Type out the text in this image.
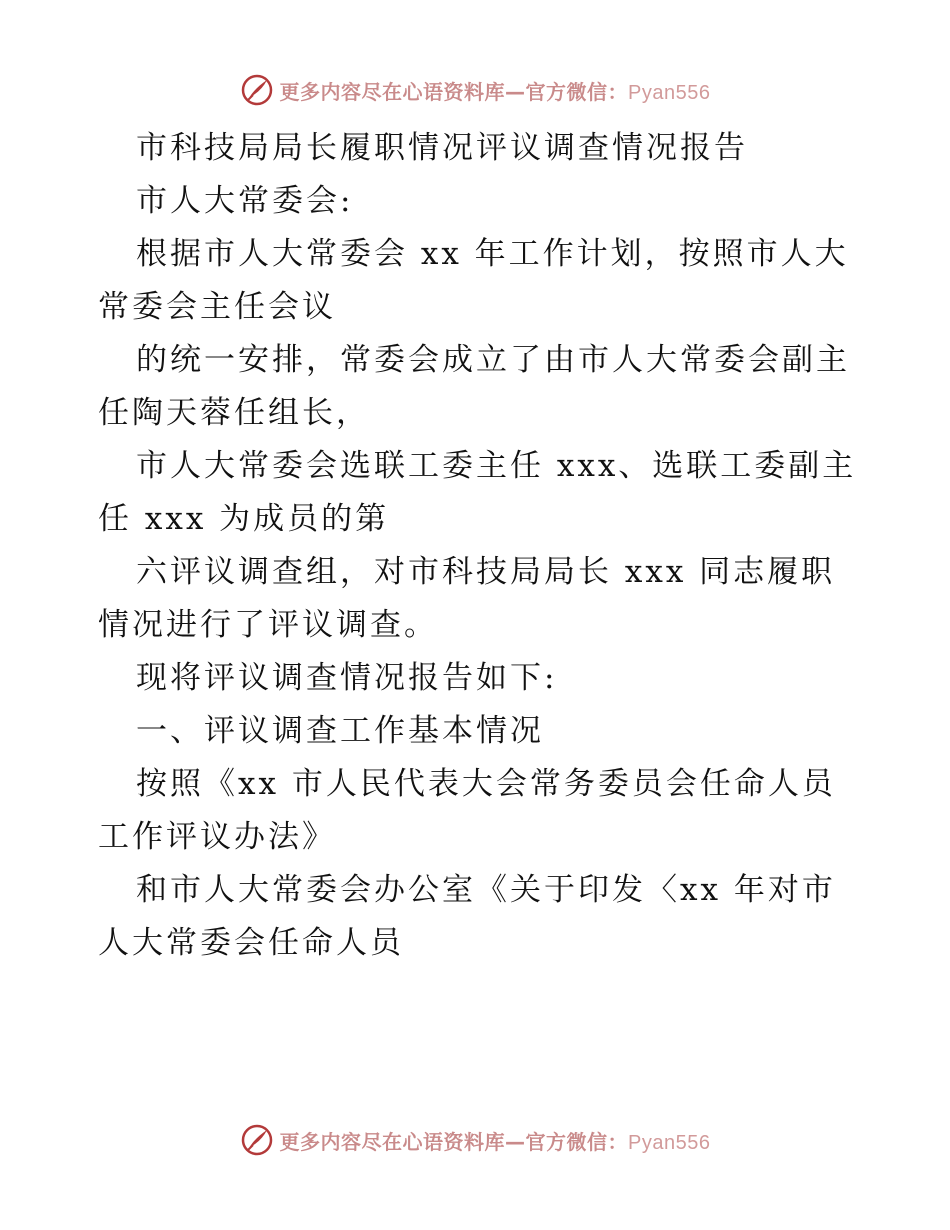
更多内容尽在心语资料库—官方微信：Pyan556

市科技局局长履职情况评议调查情况报告

市人大常委会:

根据市人大常委会 xx 年工作计划，按照市人大常委会主任会议

的统一安排，常委会成立了由市人大常委会副主任陶天蓉任组长，

市人大常委会选联工委主任 xxx、选联工委副主任 xxx 为成员的第

六评议调查组，对市科技局局长 xxx 同志履职情况进行了评议调查。

现将评议调查情况报告如下:

一、评议调查工作基本情况

按照《xx 市人民代表大会常务委员会任命人员工作评议办法》

和市人大常委会办公室《关于印发〈xx 年对市人大常委会任命人员

更多内容尽在心语资料库—官方微信：Pyan556
